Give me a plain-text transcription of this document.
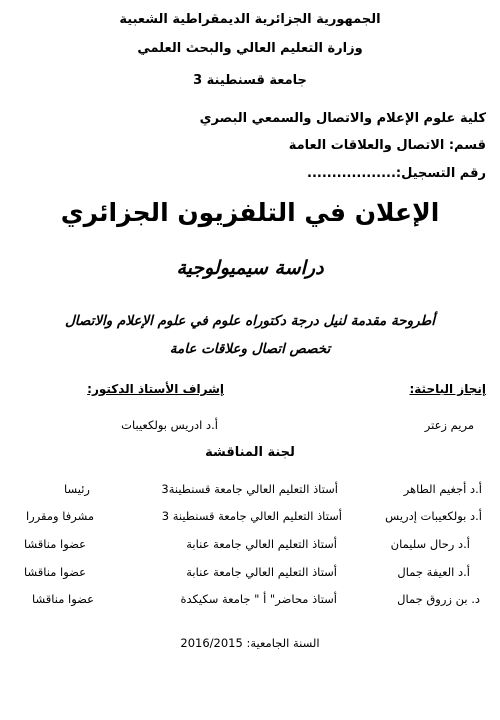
الجمهورية الجزائرية الديمقراطية الشعبية
وزارة التعليم العالي والبحث العلمي
جامعة قسنطينة 3
كلية علوم الإعلام والاتصال والسمعي البصري
قسم: الاتصال والعلاقات العامة
رقم التسجيل:..................
الإعلان في التلفزيون الجزائري
دراسة سيميولوجية
أطروحة مقدمة لنيل درجة دكتوراه علوم في علوم الإعلام والاتصال
تخصص اتصال وعلاقات عامة
إنجاز الباحثة:
إشراف الأستاذ الدكتور:
مريم زعتر
أ.د ادريس بولكعيبات
لجنة المناقشة
أ.د أجغيم الطاهر
أستاذ التعليم العالي جامعة قسنطينة3
رئيسا
أ.د بولكعيبات إدريس
أستاذ التعليم العالي جامعة قسنطينة 3
مشرفا ومقررا
أ.د رحال سليمان
أستاذ التعليم العالي جامعة عنابة
عضوا مناقشا
أ.د العيفة جمال
أستاذ التعليم العالي جامعة عنابة
عضوا مناقشا
د. بن زروق جمال
أستاذ محاضر" أ " جامعة سكيكدة
عضوا مناقشا
السنة الجامعية: 2016/2015
